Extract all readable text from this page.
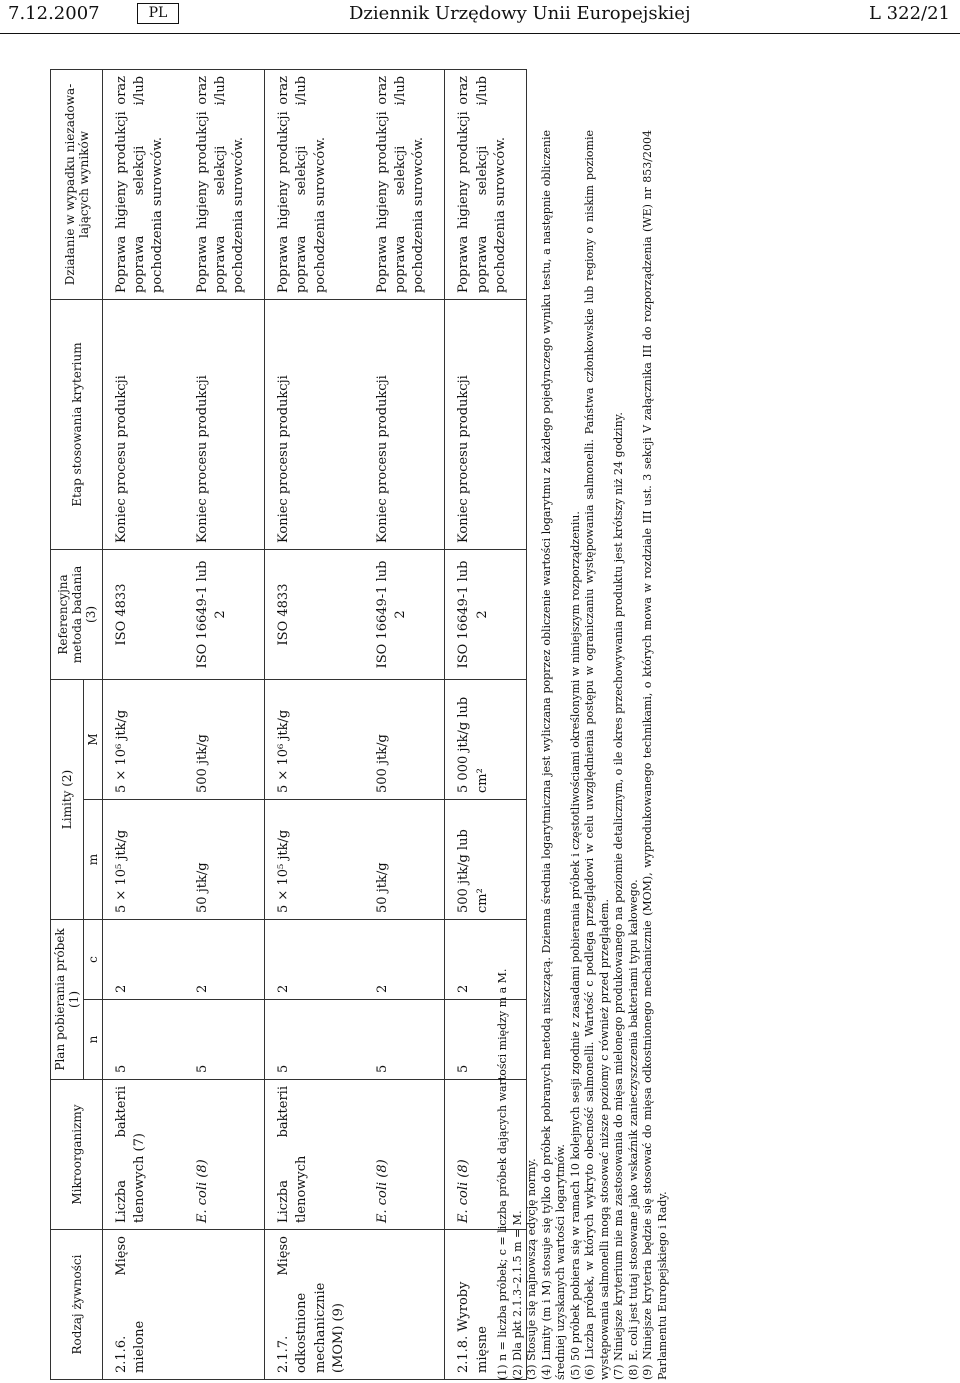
7.12.2007	PL	Dziennik Urzędowy Unii Europejskiej	L 322/21
Rodzaj żywności	Mikroorganizmy	Plan pobierania próbek (1)		Limity (2)		Referencyjna metoda badania (3)	Etap stosowania kryterium	Działanie w wypadku niezadowa-lających wyników
		n	c	m	M			
2.1.6. Mięso mielone	Liczba bakterii tlenowych (7)	5	2	5 × 10⁵ jtk/g	5 × 10⁶ jtk/g	ISO 4833	Koniec procesu produkcji	Poprawa higieny produkcji oraz poprawa selekcji i/lub pochodzenia surowców.
	E. coli (8)	5	2	50 jtk/g	500 jtk/g	ISO 16649-1 lub 2	Koniec procesu produkcji	Poprawa higieny produkcji oraz poprawa selekcji i/lub pochodzenia surowców.
2.1.7. Mięso odkostnione mechanicznie (MOM) (9)	Liczba bakterii tlenowych	5	2	5 × 10⁵ jtk/g	5 × 10⁶ jtk/g	ISO 4833	Koniec procesu produkcji	Poprawa higieny produkcji oraz poprawa selekcji i/lub pochodzenia surowców.
	E. coli (8)	5	2	50 jtk/g	500 jtk/g	ISO 16649-1 lub 2	Koniec procesu produkcji	Poprawa higieny produkcji oraz poprawa selekcji i/lub pochodzenia surowców.
2.1.8. Wyroby mięsne	E. coli (8)	5	2	500 jtk/g lub cm²	5 000 jtk/g lub cm²	ISO 16649-1 lub 2	Koniec procesu produkcji	Poprawa higieny produkcji oraz poprawa selekcji i/lub pochodzenia surowców.

(1) n = liczba próbek; c = liczba próbek dających wartości między m a M. (2) Dla pkt 2.1.3–2.1.5 m = M. (3) Stosuje się najnowszą edycję normy. (4) Limity (m i M) stosuje się tylko do próbek pobranych metodą niszczącą. Dzienna średnia logarytmiczna jest wyliczana poprzez obliczenie wartości logarytmu z każdego pojedynczego wyniku testu, a następnie obliczenie średniej uzyskanych wartości logarytmów. (5) 50 próbek pobiera się w ramach 10 kolejnych sesji zgodnie z zasadami pobierania próbek i częstotliwościami określonymi w niniejszym rozporządzeniu. (6) Liczba próbek, w których wykryto obecność salmonelli. Wartość c podlega przeglądowi w celu uwzględnienia postępu w ograniczaniu występowania salmonelli. Państwa członkowskie lub regiony o niskim poziomie występowania salmonelli mogą stosować niższe poziomy c również przed przeglądem. (7) Niniejsze kryterium nie ma zastosowania do mięsa mielonego produkowanego na poziomie detalicznym, o ile okres przechowywania produktu jest krótszy niż 24 godziny. (8) E. coli jest tutaj stosowane jako wskaźnik zanieczyszczenia bakteriami typu kałowego. (9) Niniejsze kryteria będzie się stosować do mięsa odkostnionego mechanicznie (MOM), wyprodukowanego technikami, o których mowa w rozdziale III ust. 3 sekcji V załącznika III do rozporządzenia (WE) nr 853/2004 Parlamentu Europejskiego i Rady.
